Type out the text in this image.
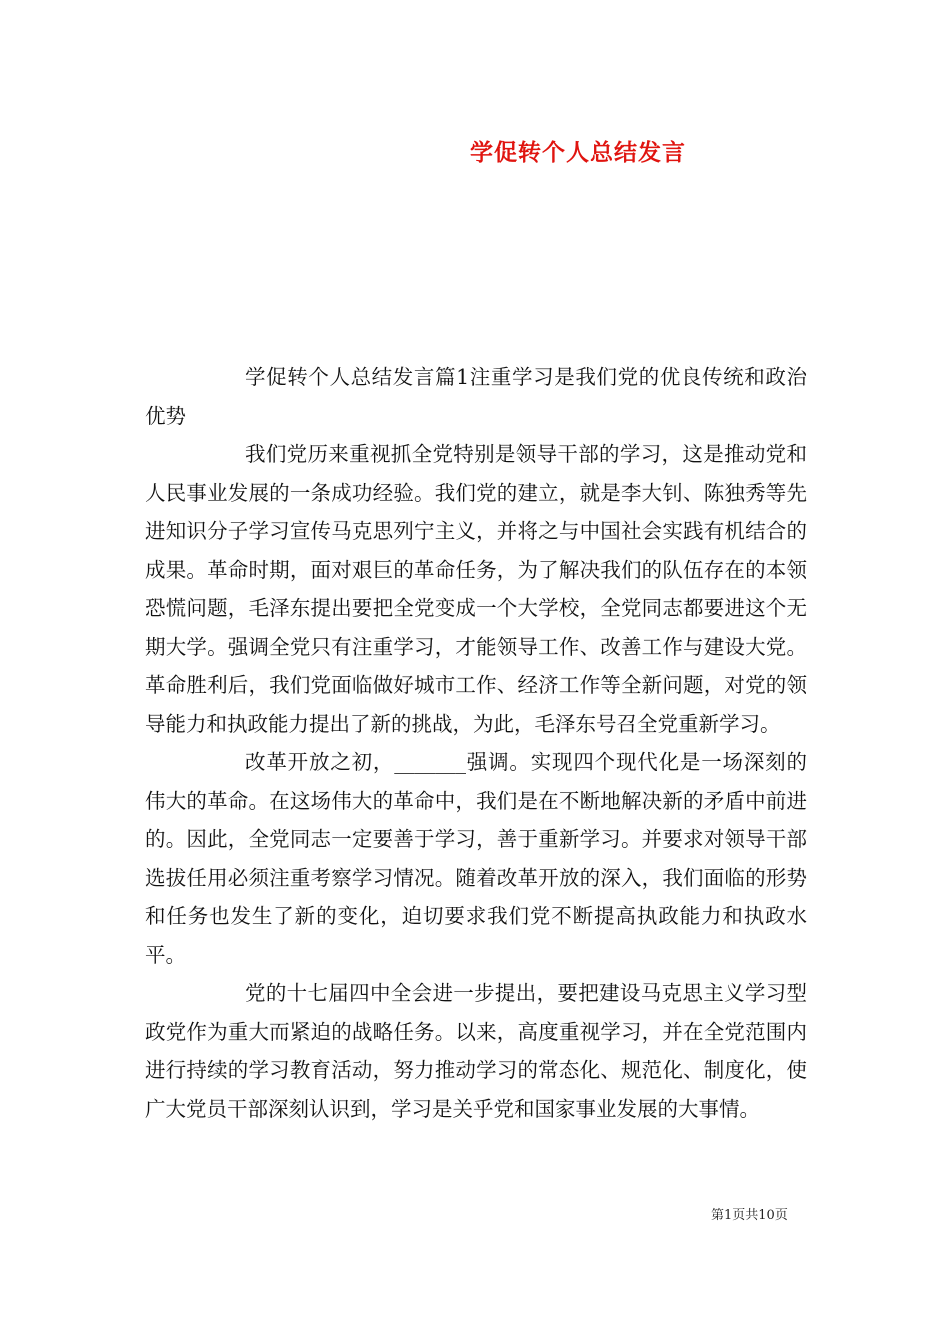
学促转个人总结发言

学促转个人总结发言篇1注重学习是我们党的优良传统和政治优势

我们党历来重视抓全党特别是领导干部的学习，这是推动党和人民事业发展的一条成功经验。我们党的建立，就是李大钊、陈独秀等先进知识分子学习宣传马克思列宁主义，并将之与中国社会实践有机结合的成果。革命时期，面对艰巨的革命任务，为了解决我们的队伍存在的本领恐慌问题，毛泽东提出要把全党变成一个大学校，全党同志都要进这个无期大学。强调全党只有注重学习，才能领导工作、改善工作与建设大党。革命胜利后，我们党面临做好城市工作、经济工作等全新问题，对党的领导能力和执政能力提出了新的挑战，为此，毛泽东号召全党重新学习。

改革开放之初，_______强调。实现四个现代化是一场深刻的伟大的革命。在这场伟大的革命中，我们是在不断地解决新的矛盾中前进的。因此，全党同志一定要善于学习，善于重新学习。并要求对领导干部选拔任用必须注重考察学习情况。随着改革开放的深入，我们面临的形势和任务也发生了新的变化，迫切要求我们党不断提高执政能力和执政水平。

党的十七届四中全会进一步提出，要把建设马克思主义学习型政党作为重大而紧迫的战略任务。以来，高度重视学习，并在全党范围内进行持续的学习教育活动，努力推动学习的常态化、规范化、制度化，使广大党员干部深刻认识到，学习是关乎党和国家事业发展的大事情。

第1页共10页
